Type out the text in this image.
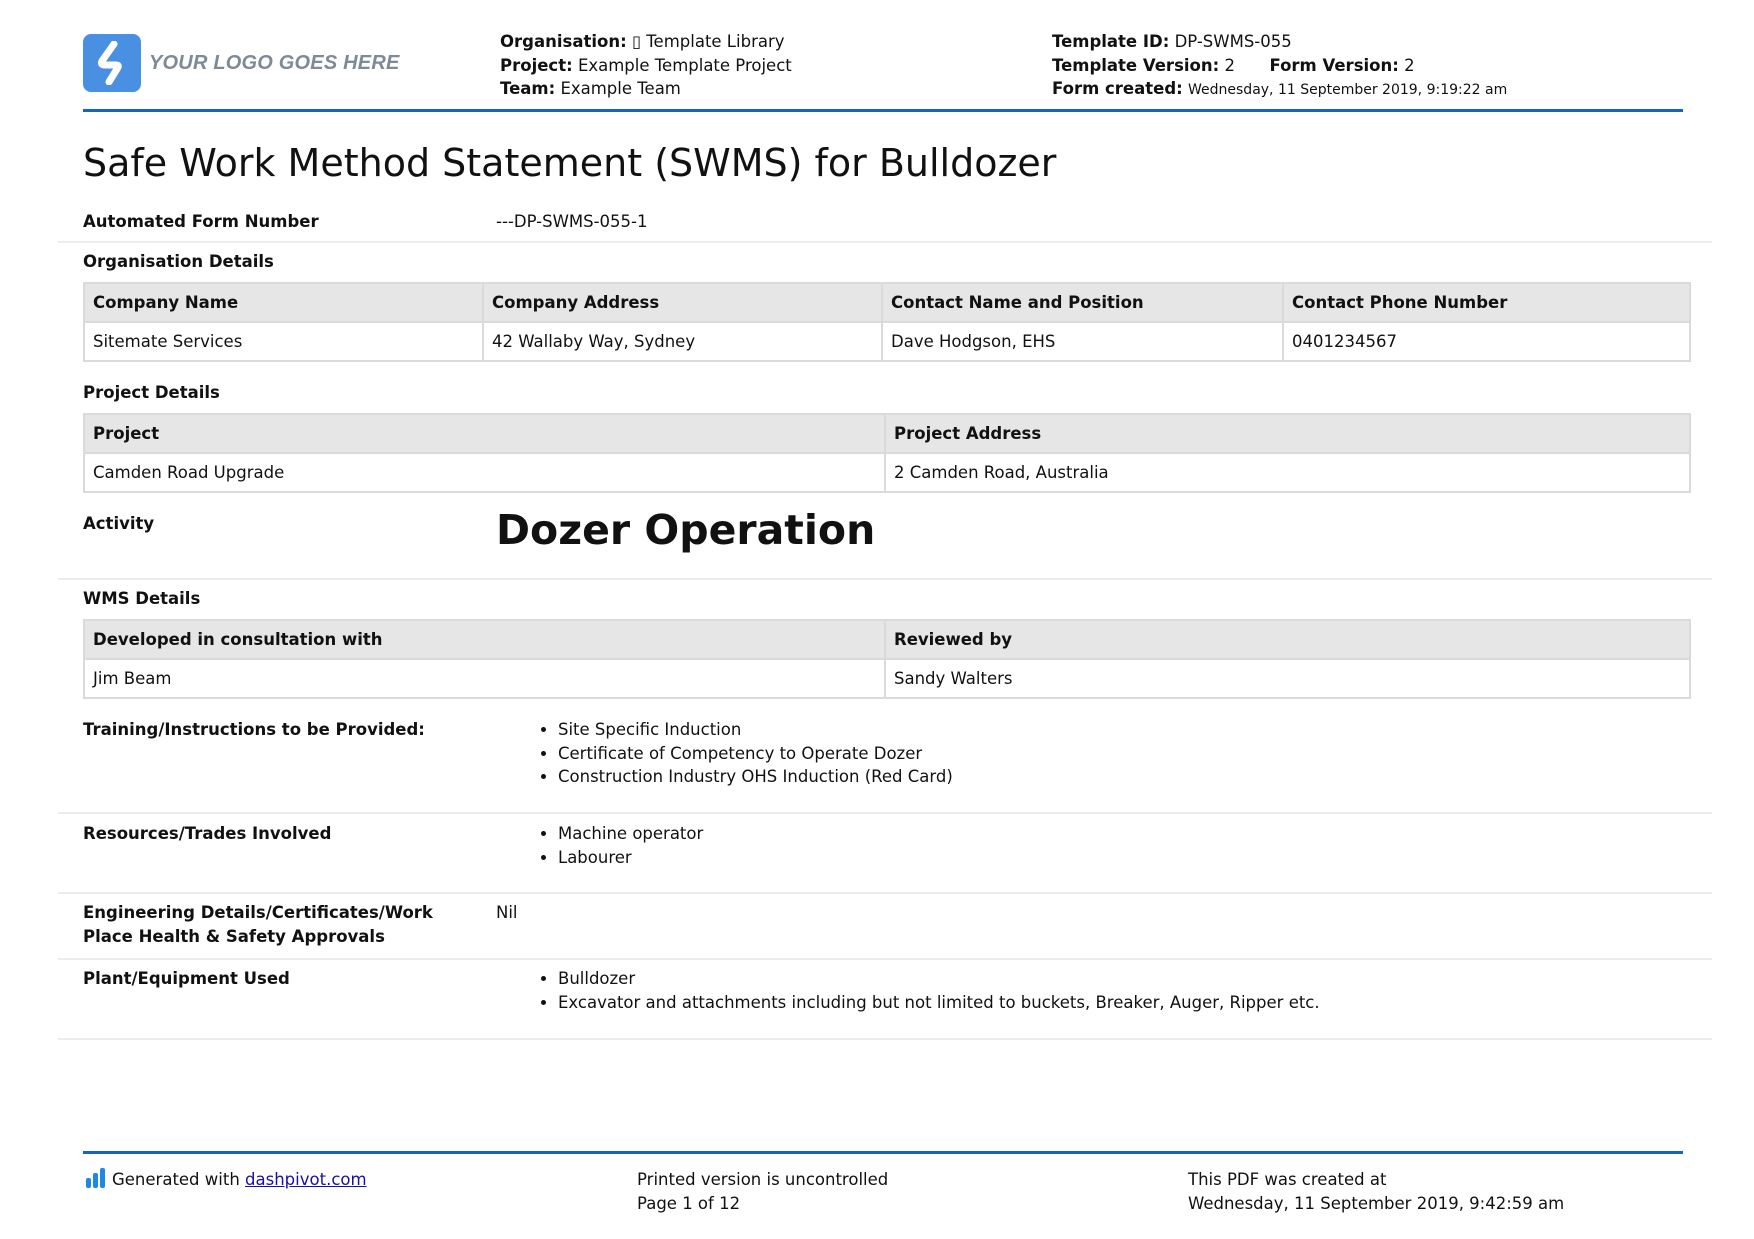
YOUR LOGO GOES HERE
Organisation: ▯ Template Library
Project: Example Template Project
Team: Example Team
Template ID: DP-SWMS-055
Template Version: 2 Form Version: 2
Form created: Wednesday, 11 September 2019, 9:19:22 am
Safe Work Method Statement (SWMS) for Bulldozer
Automated Form Number	---DP-SWMS-055-1
Organisation Details
Company Name	Company Address	Contact Name and Position	Contact Phone Number
Sitemate Services	42 Wallaby Way, Sydney	Dave Hodgson, EHS	0401234567
Project Details
Project	Project Address
Camden Road Upgrade	2 Camden Road, Australia
Activity	Dozer Operation
WMS Details
Developed in consultation with	Reviewed by
Jim Beam	Sandy Walters
Training/Instructions to be Provided:	• Site Specific Induction
• Certificate of Competency to Operate Dozer
• Construction Industry OHS Induction (Red Card)
Resources/Trades Involved	• Machine operator
• Labourer
Engineering Details/Certificates/Work
Place Health & Safety Approvals
Nil
Plant/Equipment Used	• Bulldozer
• Excavator and attachments including but not limited to buckets, Breaker, Auger, Ripper etc.
Generated with dashpivot.com	Printed version is uncontrolled
Page 1 of 12
This PDF was created at
Wednesday, 11 September 2019, 9:42:59 am
